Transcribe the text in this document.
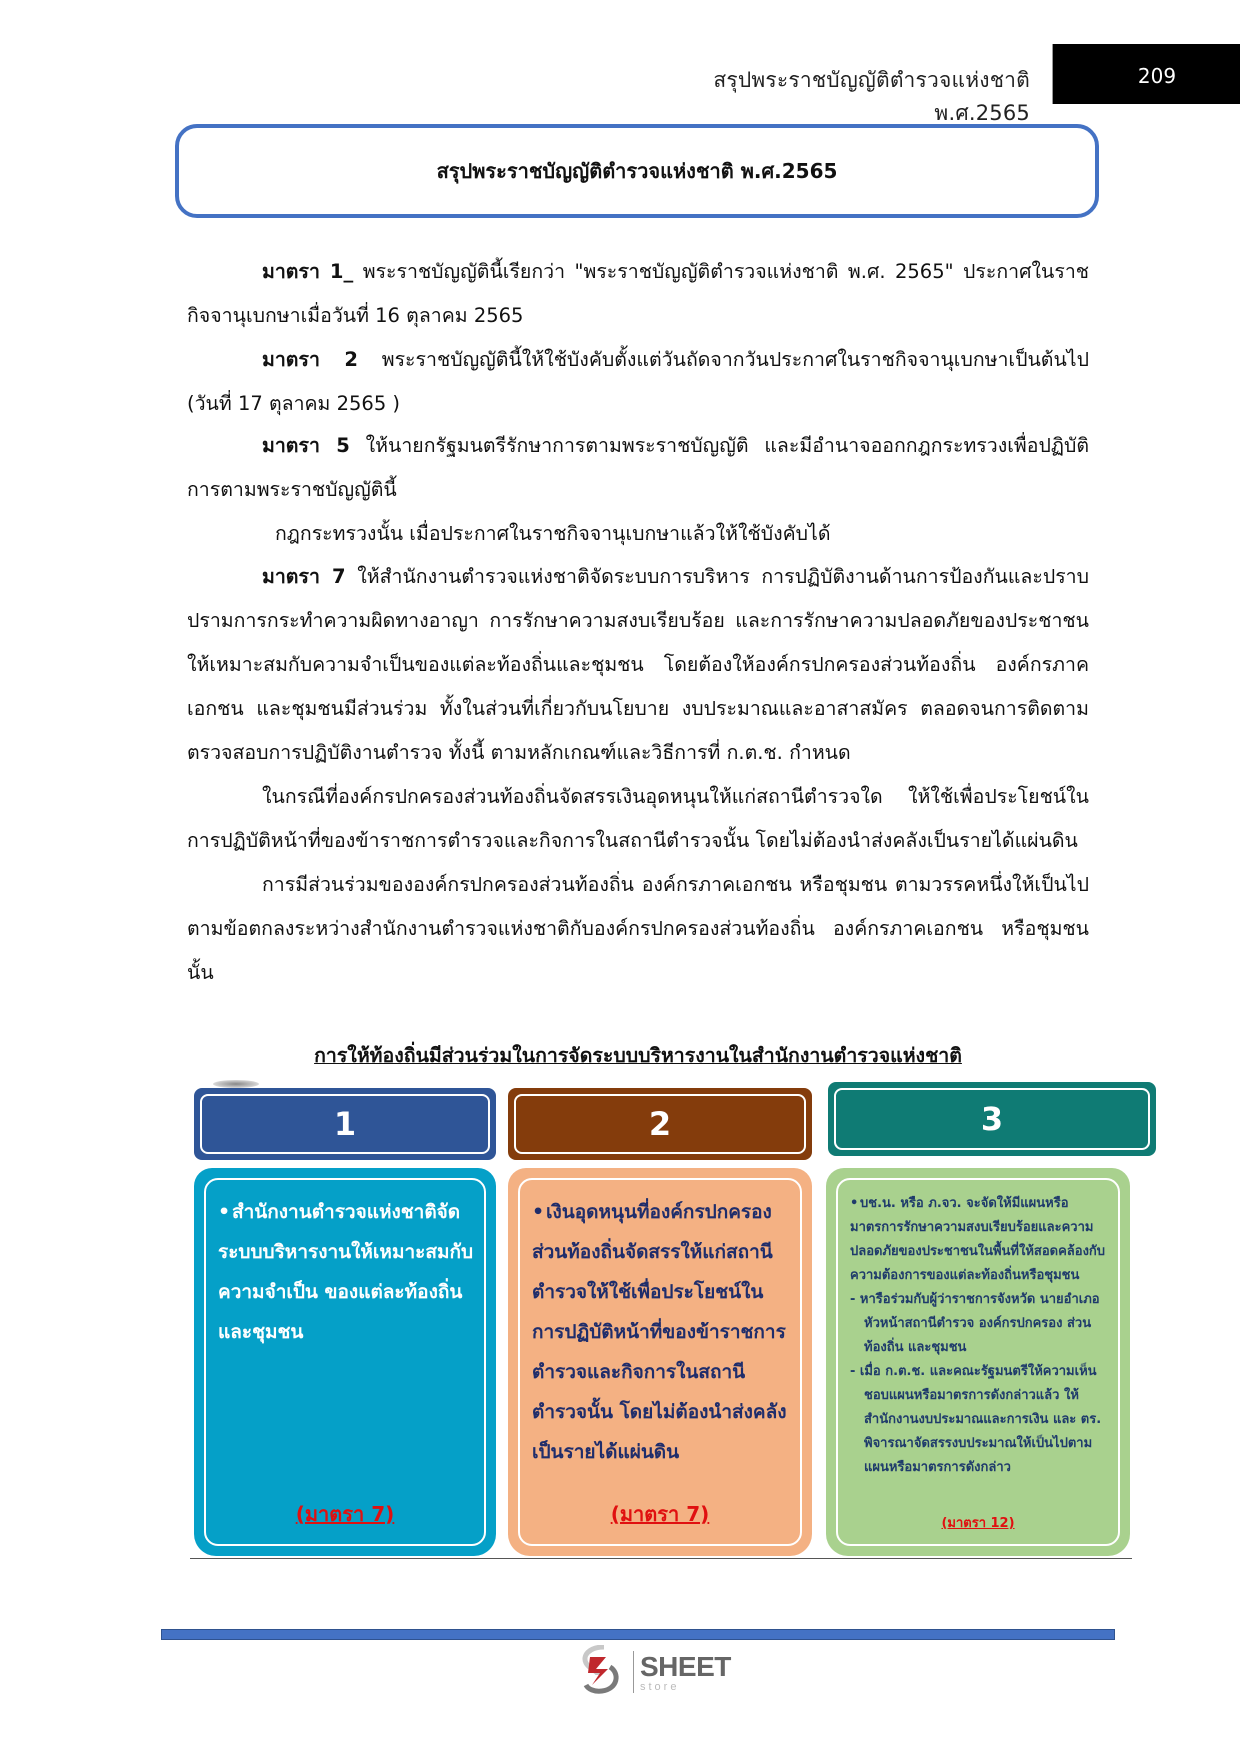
สรุปพระราชบัญญัติตำรวจแห่งชาติ พ.ศ.2565
209
สรุปพระราชบัญญัติตำรวจแห่งชาติ พ.ศ.2565

มาตรา 1_ พระราชบัญญัตินี้เรียกว่า "พระราชบัญญัติตำรวจแห่งชาติ พ.ศ. 2565" ประกาศในราชกิจจานุเบกษาเมื่อวันที่ 16 ตุลาคม 2565

มาตรา 2 พระราชบัญญัตินี้ให้ใช้บังคับตั้งแต่วันถัดจากวันประกาศในราชกิจจานุเบกษาเป็นต้นไป (วันที่ 17 ตุลาคม 2565 )

มาตรา 5 ให้นายกรัฐมนตรีรักษาการตามพระราชบัญญัติ และมีอำนาจออกกฎกระทรวงเพื่อปฏิบัติการตามพระราชบัญญัตินี้

กฎกระทรวงนั้น เมื่อประกาศในราชกิจจานุเบกษาแล้วให้ใช้บังคับได้

มาตรา 7 ให้สำนักงานตำรวจแห่งชาติจัดระบบการบริหาร การปฏิบัติงานด้านการป้องกันและปราบปรามการกระทำความผิดทางอาญา การรักษาความสงบเรียบร้อย และการรักษาความปลอดภัยของประชาชนให้เหมาะสมกับความจำเป็นของแต่ละท้องถิ่นและชุมชน โดยต้องให้องค์กรปกครองส่วนท้องถิ่น องค์กรภาคเอกชน และชุมชนมีส่วนร่วม ทั้งในส่วนที่เกี่ยวกับนโยบาย งบประมาณและอาสาสมัคร ตลอดจนการติดตามตรวจสอบการปฏิบัติงานตำรวจ ทั้งนี้ ตามหลักเกณฑ์และวิธีการที่ ก.ต.ช. กำหนด

ในกรณีที่องค์กรปกครองส่วนท้องถิ่นจัดสรรเงินอุดหนุนให้แก่สถานีตำรวจใด ให้ใช้เพื่อประโยชน์ในการปฏิบัติหน้าที่ของข้าราชการตำรวจและกิจการในสถานีตำรวจนั้น โดยไม่ต้องนำส่งคลังเป็นรายได้แผ่นดิน

การมีส่วนร่วมขององค์กรปกครองส่วนท้องถิ่น องค์กรภาคเอกชน หรือชุมชน ตามวรรคหนึ่งให้เป็นไปตามข้อตกลงระหว่างสำนักงานตำรวจแห่งชาติกับองค์กรปกครองส่วนท้องถิ่น องค์กรภาคเอกชน หรือชุมชนนั้น

การให้ท้องถิ่นมีส่วนร่วมในการจัดระบบบริหารงานในสำนักงานตำรวจแห่งชาติ
1
•สำนักงานตำรวจแห่งชาติจัดระบบบริหารงานให้เหมาะสมกับความจำเป็น ของแต่ละท้องถิ่นและชุมชน
(มาตรา 7)
2
•เงินอุดหนุนที่องค์กรปกครองส่วนท้องถิ่นจัดสรรให้แก่สถานีตำรวจให้ใช้เพื่อประโยชน์ในการปฏิบัติหน้าที่ของข้าราชการตำรวจและกิจการในสถานีตำรวจนั้น โดยไม่ต้องนำส่งคลังเป็นรายได้แผ่นดิน
(มาตรา 7)
3
• บช.น. หรือ ภ.จว. จะจัดให้มีแผนหรือมาตรการรักษาความสงบเรียบร้อยและความปลอดภัยของประชาชนในพื้นที่ให้สอดคล้องกับความต้องการของแต่ละท้องถิ่นหรือชุมชน
- หารือร่วมกับผู้ว่าราชการจังหวัด นายอำเภอ หัวหน้าสถานีตำรวจ องค์กรปกครอง ส่วนท้องถิ่น และชุมชน
- เมื่อ ก.ต.ช. และคณะรัฐมนตรีให้ความเห็นชอบแผนหรือมาตรการดังกล่าวแล้ว ให้สำนักงานงบประมาณและการเงิน และ ตร. พิจารณาจัดสรรงบประมาณให้เป็นไปตามแผนหรือมาตรการดังกล่าว
(มาตรา 12)
SHEET
store
